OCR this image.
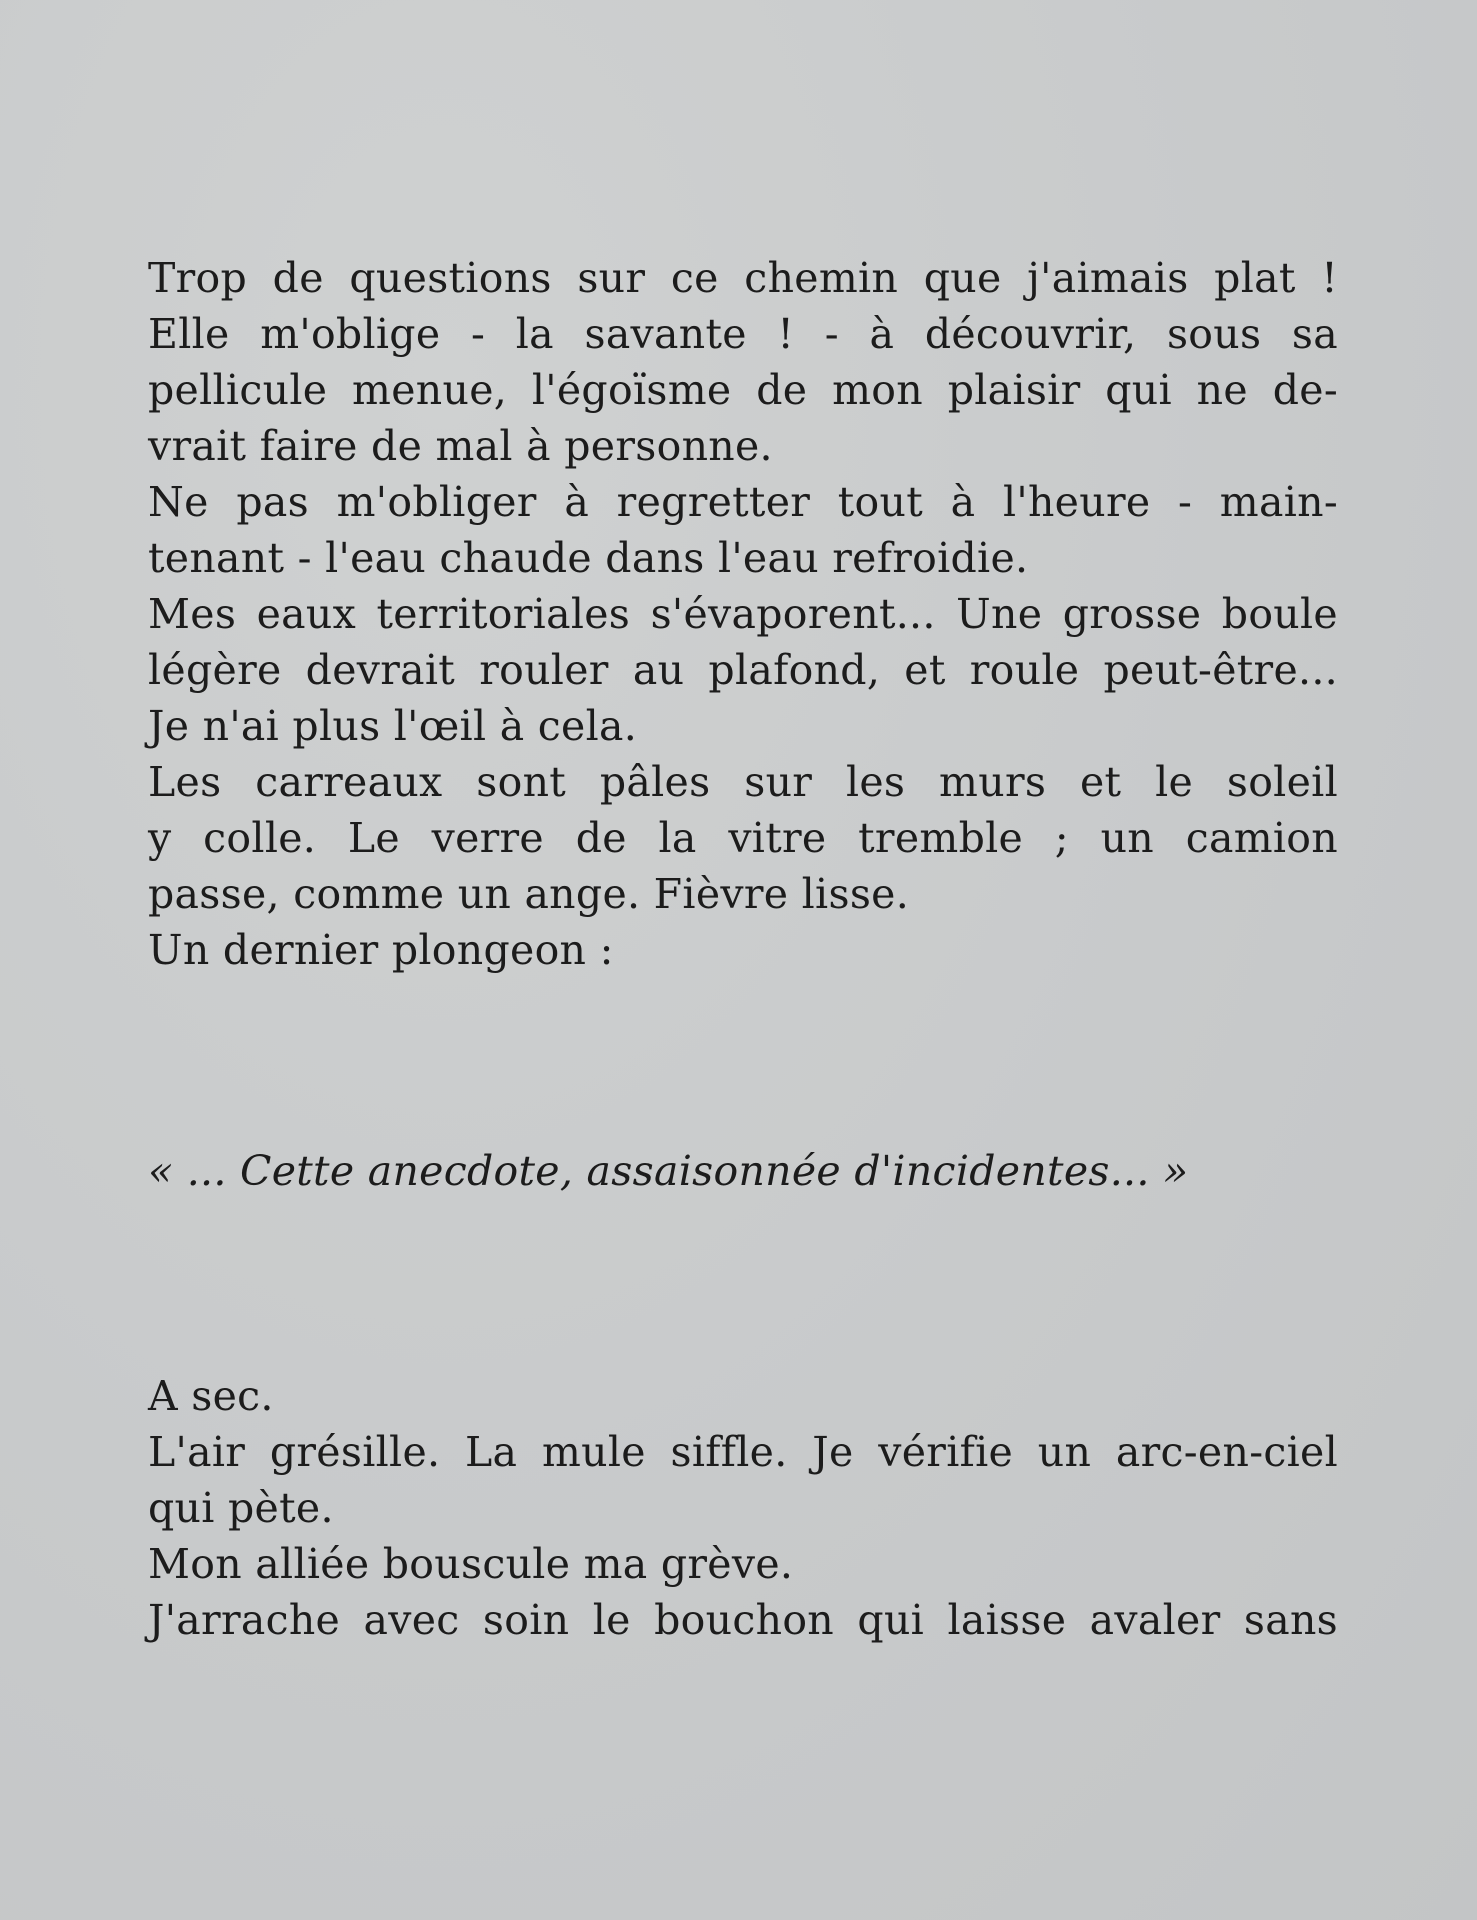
Trop de questions sur ce chemin que j'aimais plat !
Elle m'oblige - la savante ! - à découvrir, sous sa
pellicule menue, l'égoïsme de mon plaisir qui ne de-
vrait faire de mal à personne.
Ne pas m'obliger à regretter tout à l'heure - main-
tenant - l'eau chaude dans l'eau refroidie.
Mes eaux territoriales s'évaporent... Une grosse boule
légère devrait rouler au plafond, et roule peut-être...
Je n'ai plus l'œil à cela.
Les carreaux sont pâles sur les murs et le soleil
y colle. Le verre de la vitre tremble ; un camion
passe, comme un ange. Fièvre lisse.
Un dernier plongeon :
« ... Cette anecdote, assaisonnée d'incidentes... »
A sec.
L'air grésille. La mule siffle. Je vérifie un arc-en-ciel
qui pète.
Mon alliée bouscule ma grève.
J'arrache avec soin le bouchon qui laisse avaler sans
